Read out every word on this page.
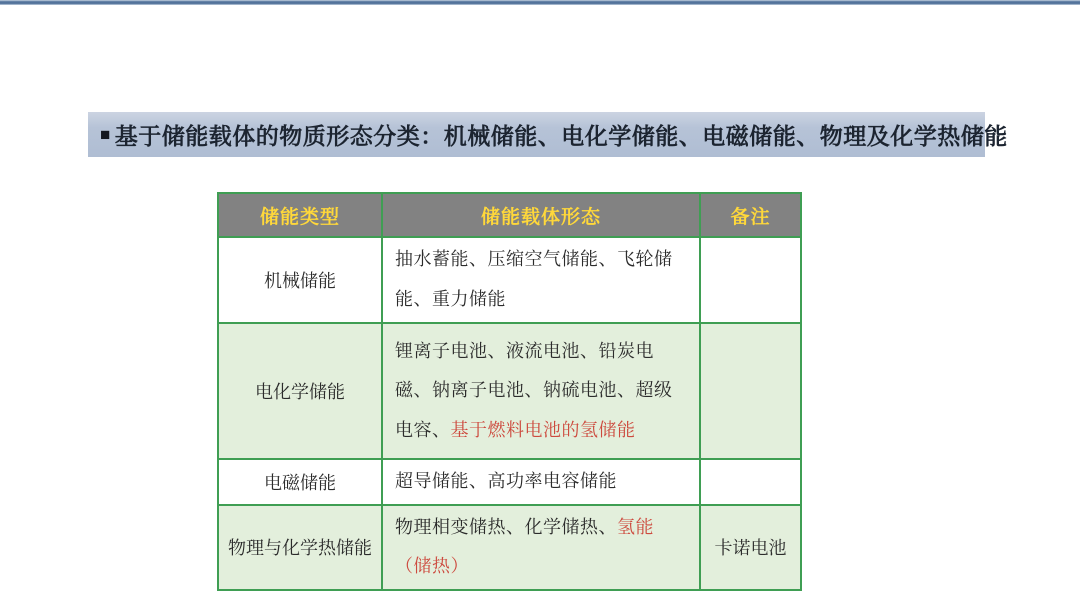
■ 基于储能载体的物质形态分类：机械储能、电化学储能、电磁储能、物理及化学热储能
储能类型	储能载体形态	备注
机械储能	抽水蓄能、压缩空气储能、飞轮储能、重力储能	
电化学储能	锂离子电池、液流电池、铅炭电磁、钠离子电池、钠硫电池、超级电容、基于燃料电池的氢储能	
电磁储能	超导储能、高功率电容储能	
物理与化学热储能	物理相变储热、化学储热、氢能（储热）	卡诺电池
